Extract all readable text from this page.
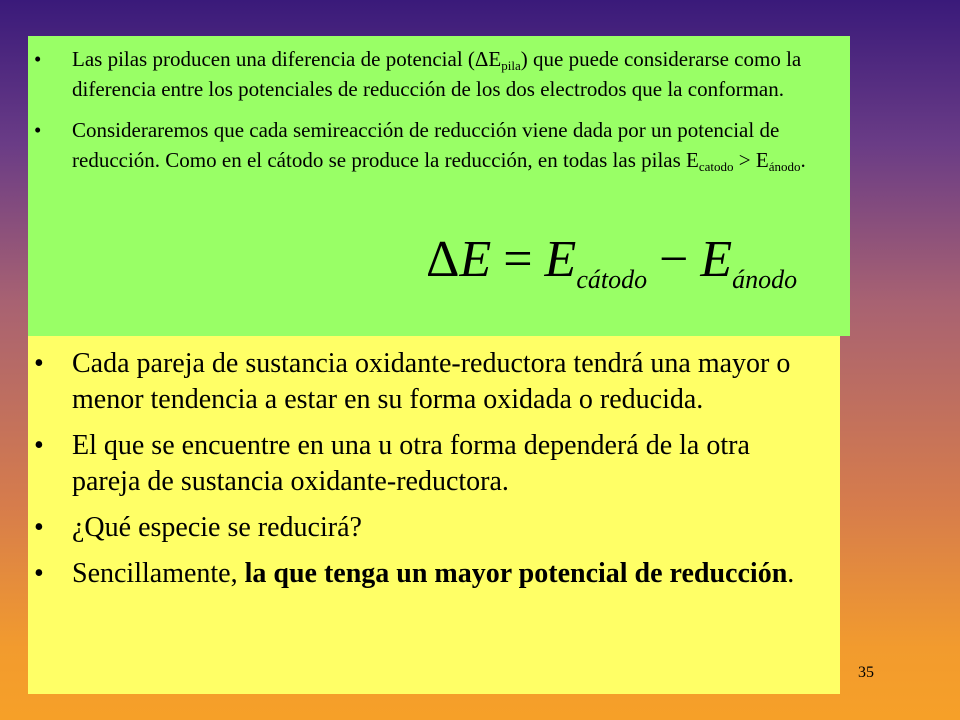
• Las pilas producen una diferencia de potencial $(\Delta E_{pila})$ que puede considerarse como la diferencia entre los potenciales de reducción de los dos electrodos que la conforman.
• Consideraremos que cada semireacción de reducción viene dada por un potencial de reducción. Como en el cátodo se produce la reducción, en todas las pilas $E_{catodo} > E_{ánodo}$.
$\Delta E = E_{cátodo} - E_{ánodo}$
• Cada pareja de sustancia oxidante-reductora tendrá una mayor o menor tendencia a estar en su forma oxidada o reducida.
• El que se encuentre en una u otra forma dependerá de la otra pareja de sustancia oxidante-reductora.
• ¿Qué especie se reducirá?
• Sencillamente, la que tenga un mayor potencial de reducción.
35
